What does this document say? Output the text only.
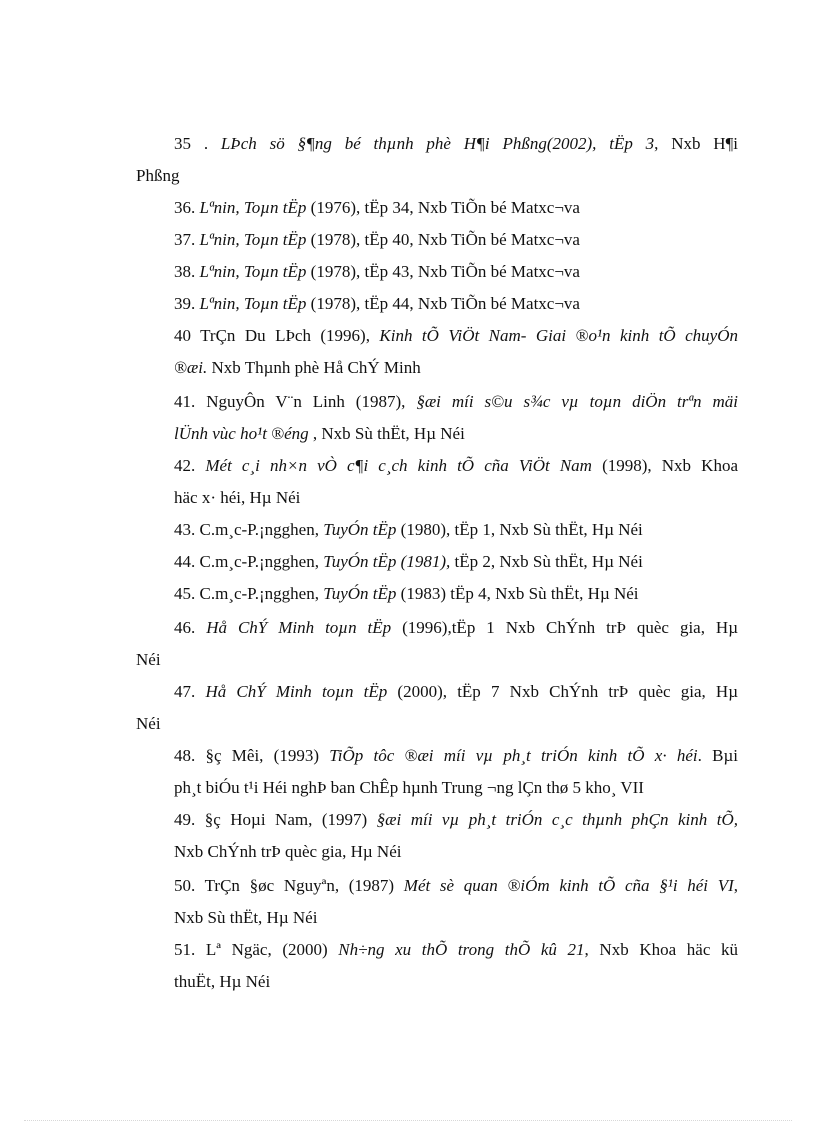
35 . LÞch sö §¶ng bé thµnh phè H¶i Phßng(2002), tËp 3, Nxb H¶i
Phßng
36. Lªnin, Toµn tËp (1976), tËp 34, Nxb TiÕn bé Matxc¬va
37. Lªnin, Toµn tËp (1978), tËp 40, Nxb TiÕn bé Matxc¬va
38. Lªnin, Toµn tËp (1978), tËp 43, Nxb TiÕn bé Matxc¬va
39. Lªnin, Toµn tËp (1978), tËp 44, Nxb TiÕn bé Matxc¬va
40 TrÇn Du LÞch (1996), Kinh tÕ ViÖt Nam- Giai ®o¹n kinh tÕ chuyÓn
®æi. Nxb Thµnh phè Hå ChÝ Minh
41. NguyÔn V¨n Linh (1987), §æi míi s©u s¾c vµ toµn diÖn trªn mäi
lÜnh vùc ho¹t ®éng , Nxb Sù thËt, Hµ Néi
42. Mét c¸i nh×n vÒ c¶i c¸ch kinh tÕ cña ViÖt Nam (1998), Nxb Khoa
häc x· héi, Hµ Néi
43. C.m¸c-P.¡ngghen, TuyÓn tËp (1980), tËp 1, Nxb Sù thËt, Hµ Néi
44. C.m¸c-P.¡ngghen, TuyÓn tËp (1981), tËp 2, Nxb Sù thËt, Hµ Néi
45. C.m¸c-P.¡ngghen, TuyÓn tËp (1983) tËp 4, Nxb Sù thËt, Hµ Néi
46. Hå ChÝ Minh toµn tËp (1996),tËp 1 Nxb ChÝnh trÞ quèc gia, Hµ
Néi
47. Hå ChÝ Minh toµn tËp (2000), tËp 7 Nxb ChÝnh trÞ quèc gia, Hµ
Néi
48. §ç Mêi, (1993) TiÕp tôc ®æi míi vµ ph¸t triÓn kinh tÕ x· héi. Bµi
ph¸t biÓu t¹i Héi nghÞ ban ChÊp hµnh Trung ¬ng lÇn thø 5 kho¸ VII
49. §ç Hoµi Nam, (1997) §æi míi vµ ph¸t triÓn c¸c thµnh phÇn kinh tÕ,
Nxb ChÝnh trÞ quèc gia, Hµ Néi
50. TrÇn §øc Nguyªn, (1987) Mét sè quan ®iÓm kinh tÕ cña §¹i héi VI,
Nxb Sù thËt, Hµ Néi
51. Lª Ngäc, (2000) Nh÷ng xu thÕ trong thÕ kû 21, Nxb Khoa häc kü
thuËt, Hµ Néi
